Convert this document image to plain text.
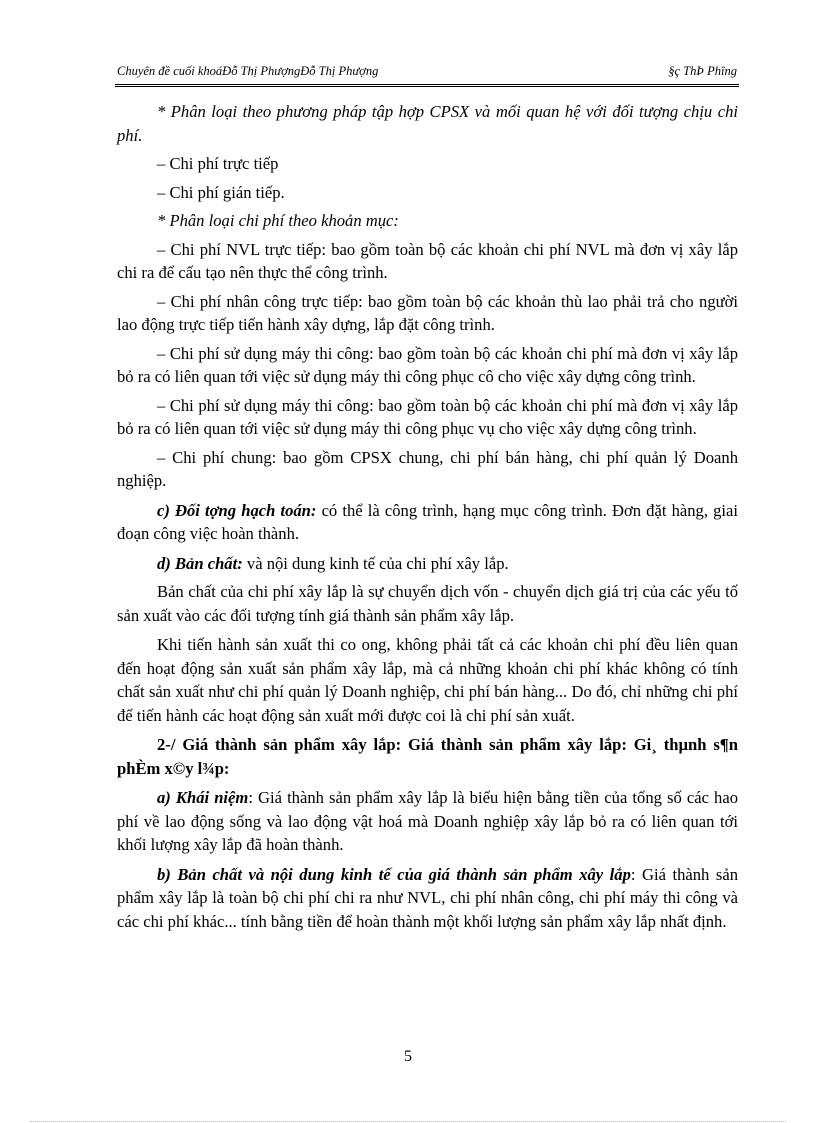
Chuyên đề cuối khoáĐỗ Thị PhượngĐỗ Thị Phượng	§ç ThÞ Phîng

* Phân loại theo phương pháp tập hợp CPSX và mối quan hệ với đối tượng chịu chi phí.

– Chi phí trực tiếp

– Chi phí gián tiếp.

* Phân loại chi phí theo khoản mục:

– Chi phí NVL trực tiếp: bao gồm toàn bộ các khoản chi phí NVL mà đơn vị xây lắp chi ra để cấu tạo nên thực thể công trình.

– Chi phí nhân công trực tiếp: bao gồm toàn bộ các khoản thù lao phải trả cho người lao động trực tiếp tiến hành xây dựng, lắp đặt công trình.

– Chi phí sử dụng máy thi công: bao gồm toàn bộ các khoản chi phí mà đơn vị xây lắp bỏ ra có liên quan tới việc sử dụng máy thi công phục cô cho việc xây dựng công trình.

– Chi phí sử dụng máy thi công: bao gồm toàn bộ các khoản chi phí mà đơn vị xây lắp bỏ ra có liên quan tới việc sử dụng máy thi công phục vụ cho việc xây dựng công trình.

– Chi phí chung: bao gồm CPSX chung, chi phí bán hàng, chi phí quản lý Doanh nghiệp.

c) Đối tợng hạch toán: có thể là công trình, hạng mục công trình. Đơn đặt hàng, giai đoạn công việc hoàn thành.

d) Bản chất: và nội dung kinh tế của chi phí xây lắp.

Bản chất của chi phí xây lắp là sự chuyển dịch vốn - chuyển dịch giá trị của các yếu tố sản xuất vào các đối tượng tính giá thành sản phẩm xây lắp.

Khi tiến hành sản xuất thi co ong, không phải tất cả các khoản chi phí đều liên quan đến hoạt động sản xuất sản phẩm xây lắp, mà cả những khoản chi phí khác không có tính chất sản xuất như chi phí quản lý Doanh nghiệp, chi phí bán hàng... Do đó, chỉ những chi phí để tiến hành các hoạt động sản xuất mới được coi là chi phí sản xuất.

2-/ Giá thành sản phẩm xây lắp: Giá thành sản phẩm xây lắp: Gi¸ thµnh s¶n phÈm x©y l¾p:

a) Khái niệm: Giá thành sản phẩm xây lắp là biểu hiện bằng tiền của tổng số các hao phí về lao động sống và lao động vật hoá mà Doanh nghiệp xây lắp bỏ ra có liên quan tới khối lượng xây lắp đã hoàn thành.

b) Bản chất và nội dung kinh tế của giá thành sản phẩm xây lắp: Giá thành sản phẩm xây lắp là toàn bộ chi phí chi ra như NVL, chi phí nhân công, chi phí máy thi công và các chi phí khác... tính bằng tiền để hoàn thành một khối lượng sản phẩm xây lắp nhất định.

5
